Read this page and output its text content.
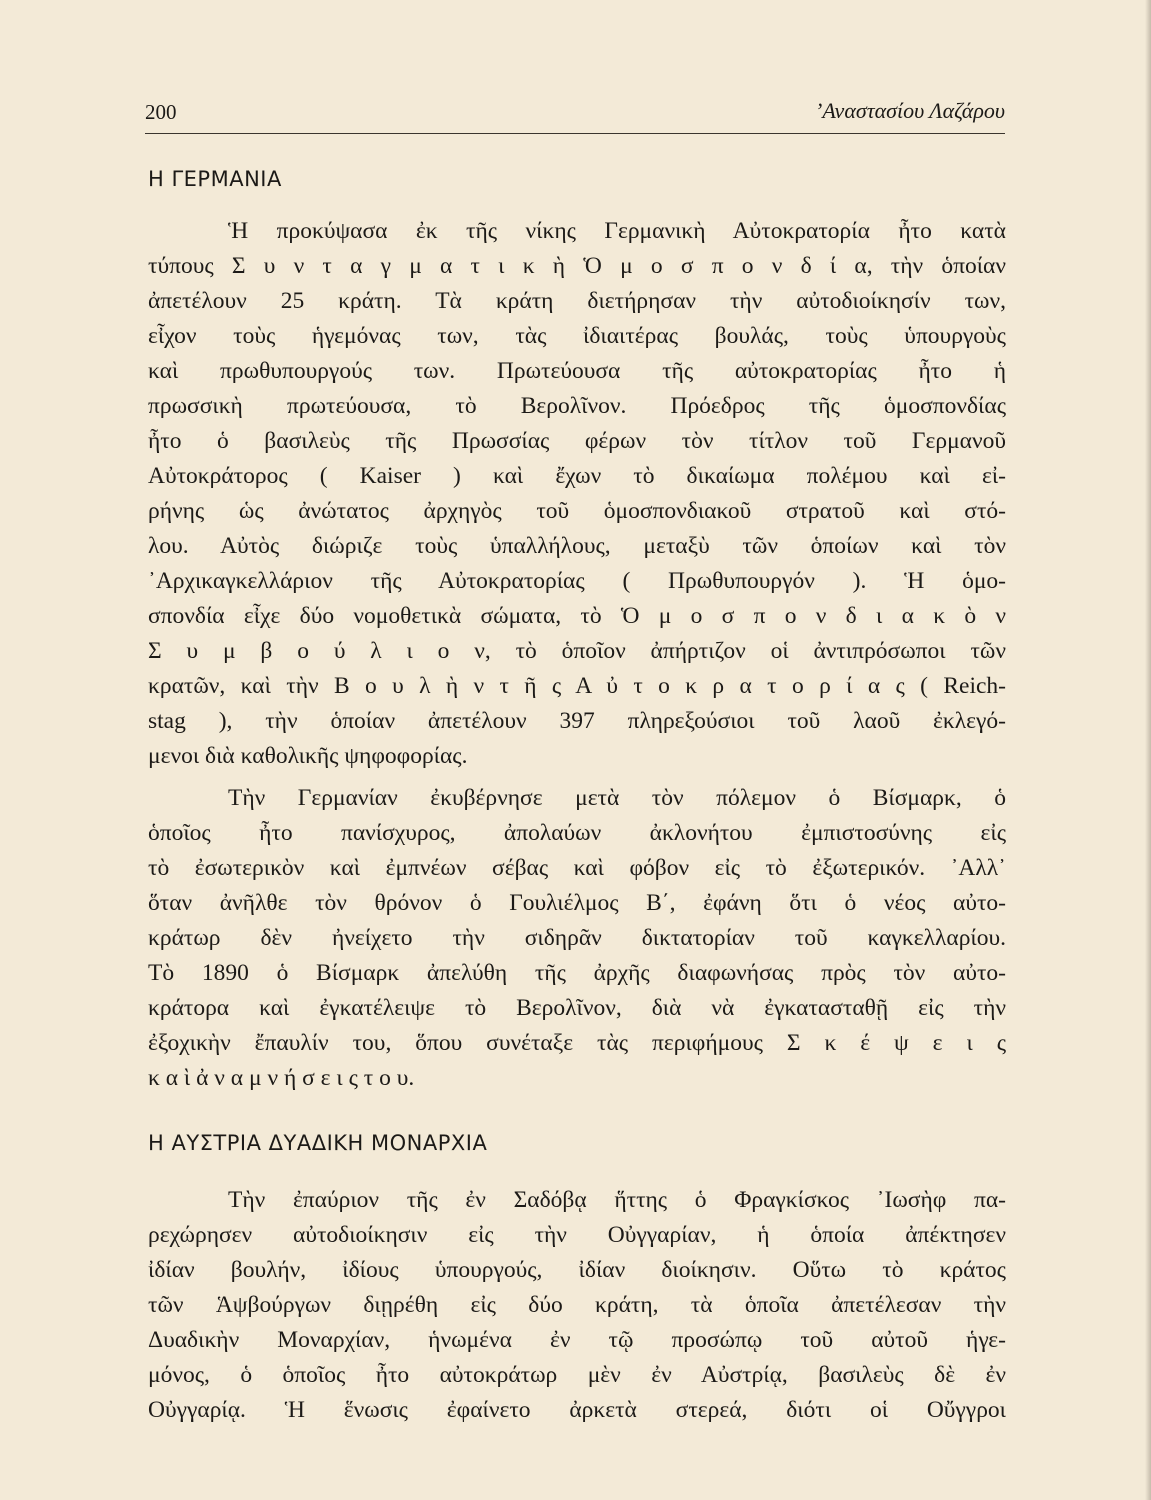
200	’Αναστασίου Λαζάρου
Η ΓΕΡΜΑΝΙΑ
Ἡ προκύψασα ἐκ τῆς νίκης Γερμανικὴ Αὐτοκρατορία ἦτο κατὰ
τύπους Σ υ ν τ α γ μ α τ ι κ ὴ Ὁ μ ο σ π ο ν δ ί α, τὴν ὁποίαν
ἀπετέλουν 25 κράτη. Τὰ κράτη διετήρησαν τὴν αὐτοδιοίκησίν των,
εἶχον τοὺς ἡγεμόνας των, τὰς ἰδιαιτέρας βουλάς, τοὺς ὑπουργοὺς
καὶ πρωθυπουργούς των. Πρωτεύουσα τῆς αὐτοκρατορίας ἦτο ἡ
πρωσσικὴ πρωτεύουσα, τὸ Βερολῖνον. Πρόεδρος τῆς ὁμοσπονδίας
ἦτο ὁ βασιλεὺς τῆς Πρωσσίας φέρων τὸν τίτλον τοῦ Γερμανοῦ
Αὐτοκράτορος ( Kaiser ) καὶ ἔχων τὸ δικαίωμα πολέμου καὶ εἰ-
ρήνης ὡς ἀνώτατος ἀρχηγὸς τοῦ ὁμοσπονδιακοῦ στρατοῦ καὶ στό-
λου. Αὐτὸς διώριζε τοὺς ὑπαλλήλους, μεταξὺ τῶν ὁποίων καὶ τὸν
᾿Αρχικαγκελλάριον τῆς Αὐτοκρατορίας ( Πρωθυπουργόν ). Ἡ ὁμο-
σπονδία εἶχε δύο νομοθετικὰ σώματα, τὸ Ὁ μ ο σ π ο ν δ ι α κ ὸ ν
Σ υ μ β ο ύ λ ι ο ν, τὸ ὁποῖον ἀπήρτιζον οἱ ἀντιπρόσωποι τῶν
κρατῶν, καὶ τὴν Β ο υ λ ὴ ν τ ῆ ς Α ὐ τ ο κ ρ α τ ο ρ ί α ς ( Reich-
stag ), τὴν ὁποίαν ἀπετέλουν 397 πληρεξούσιοι τοῦ λαοῦ ἐκλεγό-
μενοι διὰ καθολικῆς ψηφοφορίας.
Τὴν Γερμανίαν ἐκυβέρνησε μετὰ τὸν πόλεμον ὁ Βίσμαρκ, ὁ
ὁποῖος ἦτο πανίσχυρος, ἀπολαύων ἀκλονήτου ἐμπιστοσύνης εἰς
τὸ ἐσωτερικὸν καὶ ἐμπνέων σέβας καὶ φόβον εἰς τὸ ἐξωτερικόν. ᾿Αλλ᾿
ὅταν ἀνῆλθε τὸν θρόνον ὁ Γουλιέλμος Β΄, ἐφάνη ὅτι ὁ νέος αὐτο-
κράτωρ δὲν ἠνείχετο τὴν σιδηρᾶν δικτατορίαν τοῦ καγκελλαρίου.
Τὸ 1890 ὁ Βίσμαρκ ἀπελύθη τῆς ἀρχῆς διαφωνήσας πρὸς τὸν αὐτο-
κράτορα καὶ ἐγκατέλειψε τὸ Βερολῖνον, διὰ νὰ ἐγκατασταθῇ εἰς τὴν
ἐξοχικὴν ἔπαυλίν του, ὅπου συνέταξε τὰς περιφήμους Σ κ έ ψ ε ι ς
κ α ὶ ἀ ν α μ ν ή σ ε ι ς τ ο υ.
Η ΑΥΣΤΡΙΑ ΔΥΑΔΙΚΗ ΜΟΝΑΡΧΙΑ
Τὴν ἐπαύριον τῆς ἐν Σαδόβᾳ ἥττης ὁ Φραγκίσκος ᾿Ιωσὴφ πα-
ρεχώρησεν αὐτοδιοίκησιν εἰς τὴν Οὐγγαρίαν, ἡ ὁποία ἀπέκτησεν
ἰδίαν βουλήν, ἰδίους ὑπουργούς, ἰδίαν διοίκησιν. Οὕτω τὸ κράτος
τῶν Ἁψβούργων διῃρέθη εἰς δύο κράτη, τὰ ὁποῖα ἀπετέλεσαν τὴν
Δυαδικὴν Μοναρχίαν, ἡνωμένα ἐν τῷ προσώπῳ τοῦ αὐτοῦ ἡγε-
μόνος, ὁ ὁποῖος ἦτο αὐτοκράτωρ μὲν ἐν Αὐστρίᾳ, βασιλεὺς δὲ ἐν
Οὐγγαρίᾳ. Ἡ ἕνωσις ἐφαίνετο ἀρκετὰ στερεά, διότι οἱ Οὔγγροι
